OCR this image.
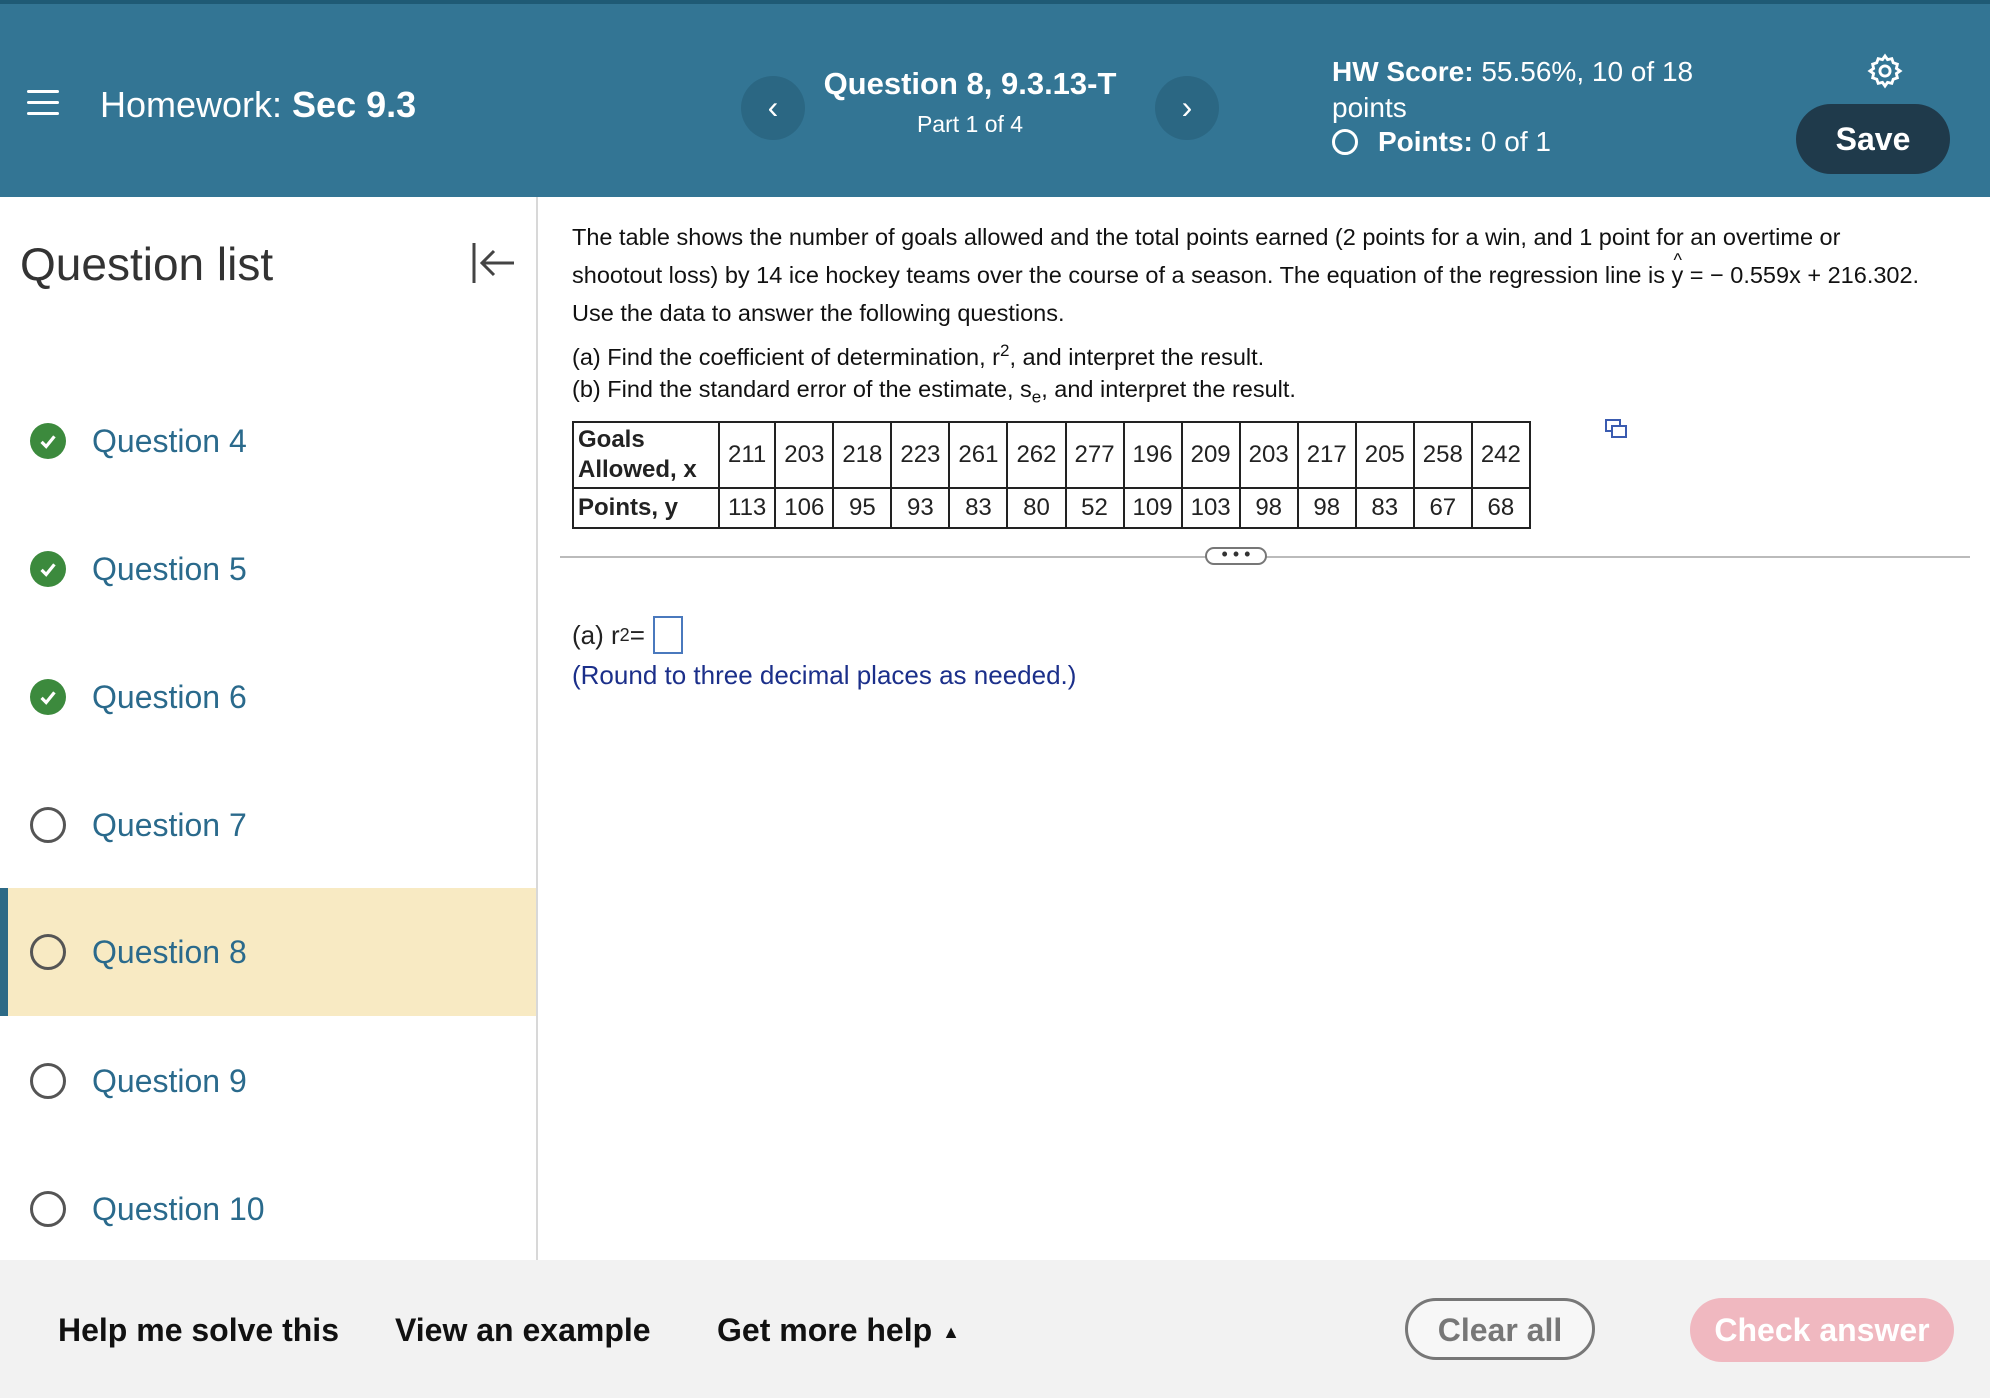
Homework: Sec 9.3	‹
Question 8, 9.3.13-T
Part 1 of 4	›
HW Score: 55.56%, 10 of 18
points
Points: 0 of 1	Save
Question list
Question 4
Question 5
Question 6
Question 7
Question 8
Question 9
Question 10
The table shows the number of goals allowed and the total points earned (2 points for a win, and 1 point for an overtime or
shootout loss) by 14 ice hockey teams over the course of a season. The equation of the regression line is ^ y = − 0.559x + 216.302.
Use the data to answer the following questions.
(a) Find the coefficient of determination, $r^2$, and interpret the result.
(b) Find the standard error of the estimate, $s_e$, and interpret the result.
Goals
Allowed, x	211	203	218	223	261	262	277	196	209	203	217	205	258	242
Points, y	113	106	95	93	83	80	52	109	103	98	98	83	67	68
• • •
(a) r 2 =
(Round to three decimal places as needed.)
Help me solve this View an example Get more help ▲	Clear all	Check answer
